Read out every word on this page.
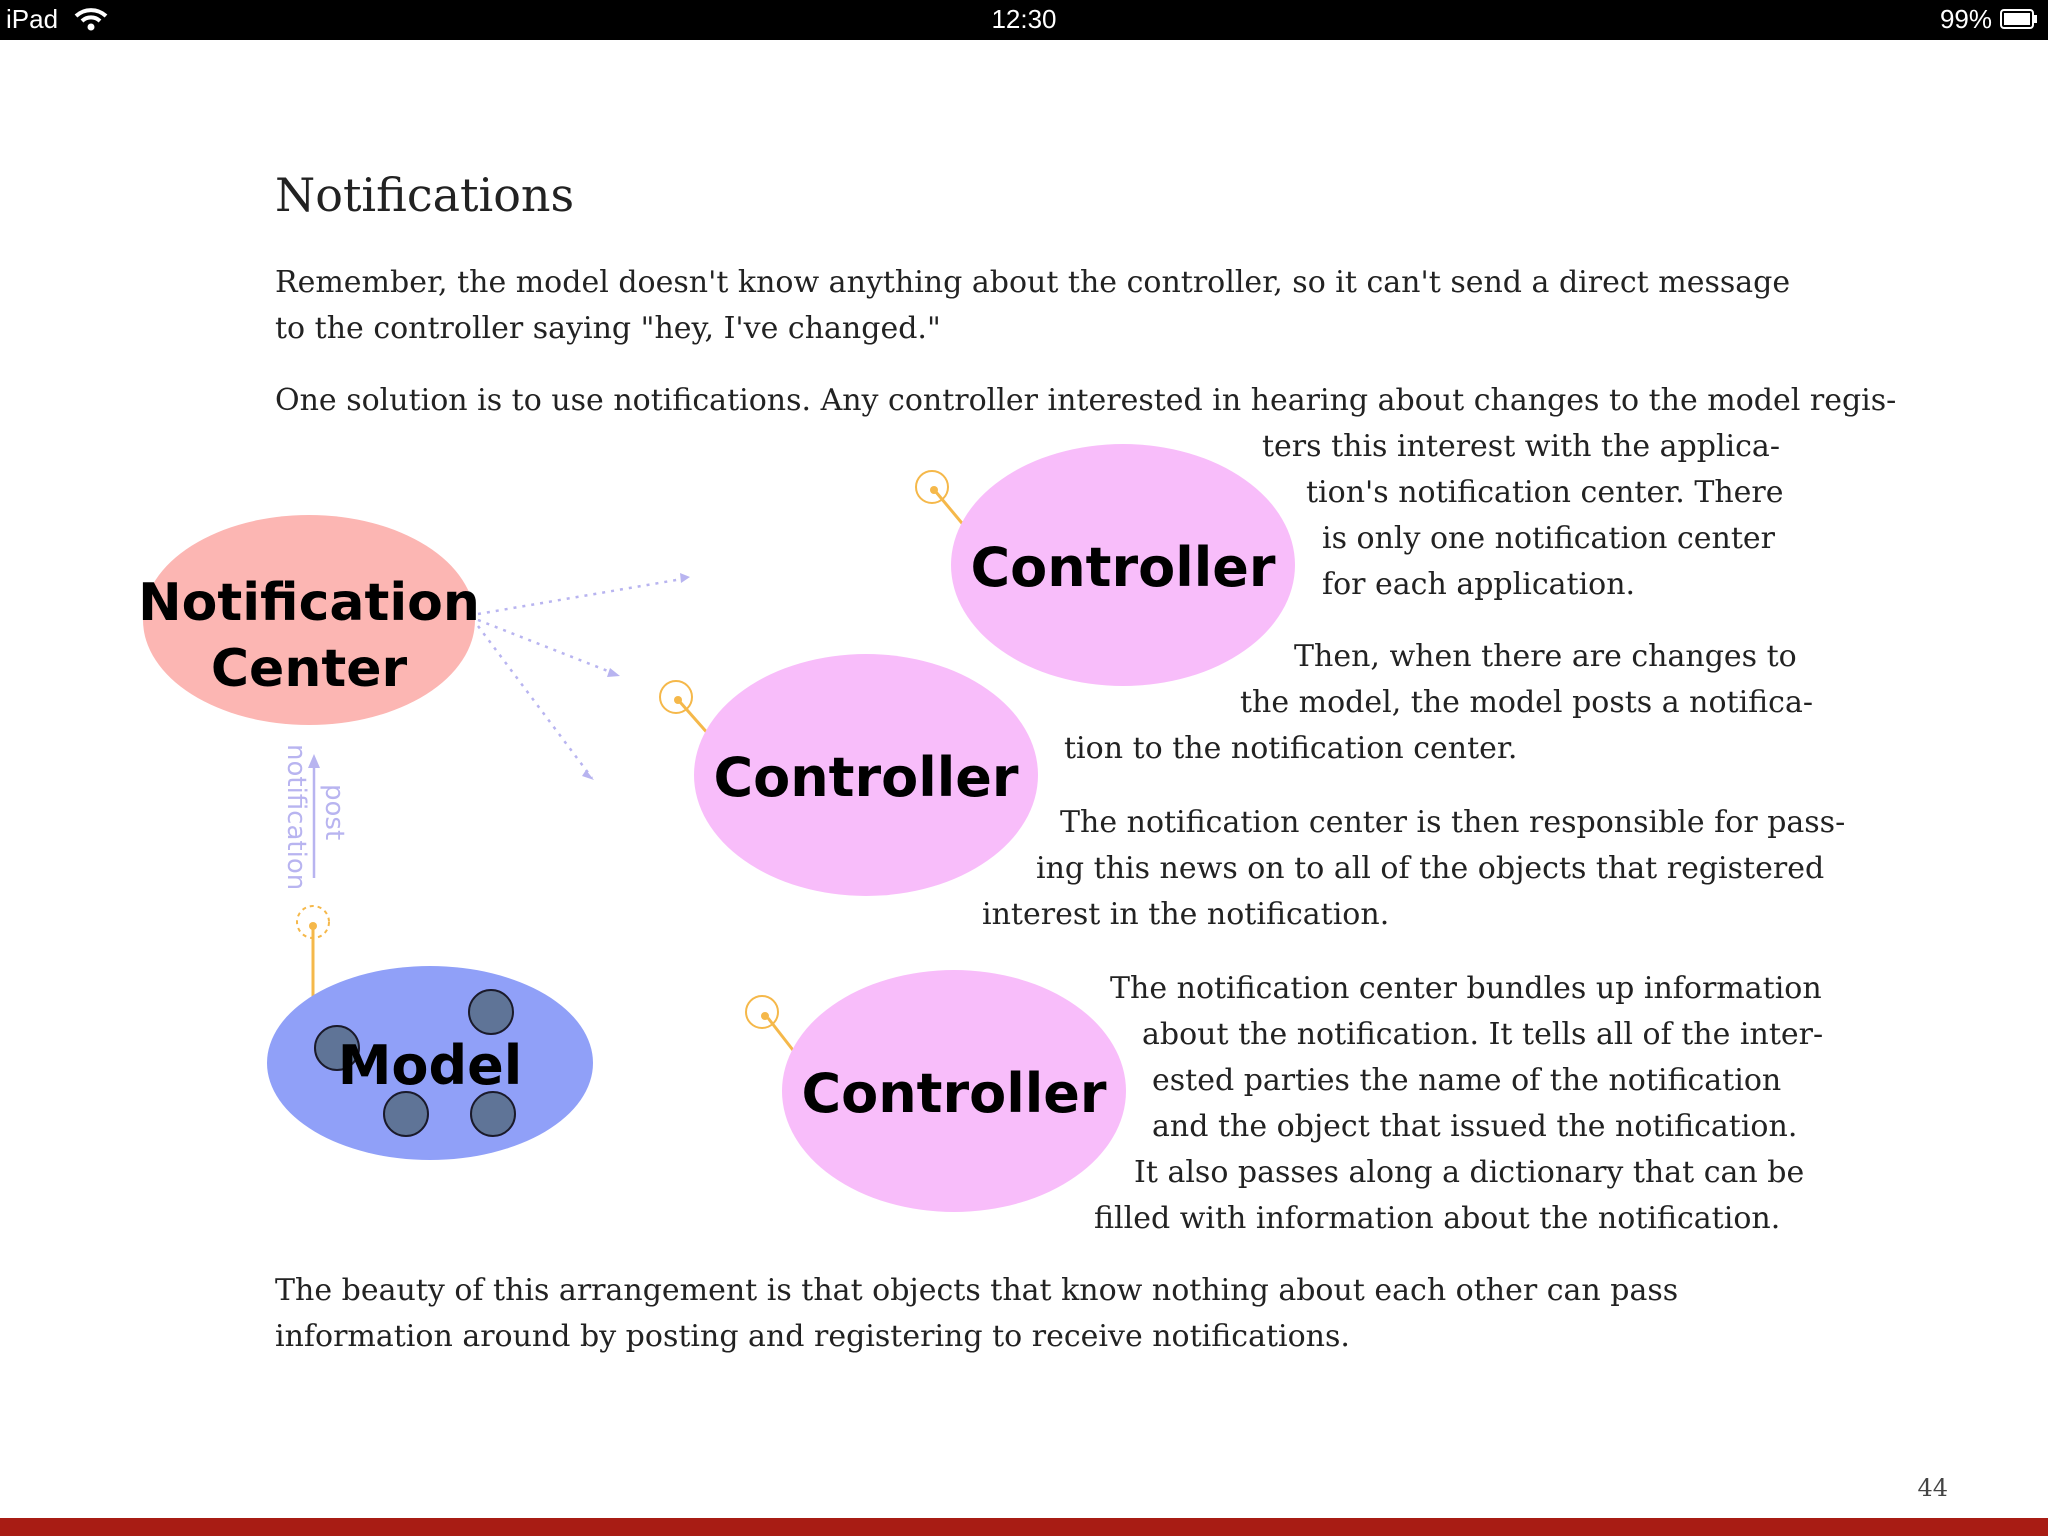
iPad	12:30	99%
Notifications

Remember, the model doesn't know anything about the controller, so it can't send a direct message to the controller saying "hey, I've changed."

One solution is to use notifications. Any controller interested in hearing about changes to the model regis-

Notification
Center
Controller
Controller
Controller
Model
post
notification

ters this interest with the applica-

tion's notification center. There

is only one notification center

for each application.

Then, when there are changes to

the model, the model posts a notifica-

tion to the notification center.

The notification center is then responsible for pass-

ing this news on to all of the objects that registered

interest in the notification.

The notification center bundles up information

about the notification. It tells all of the inter-

ested parties the name of the notification

and the object that issued the notification.

It also passes along a dictionary that can be

filled with information about the notification.

The beauty of this arrangement is that objects that know nothing about each other can pass information around by posting and registering to receive notifications.

44
